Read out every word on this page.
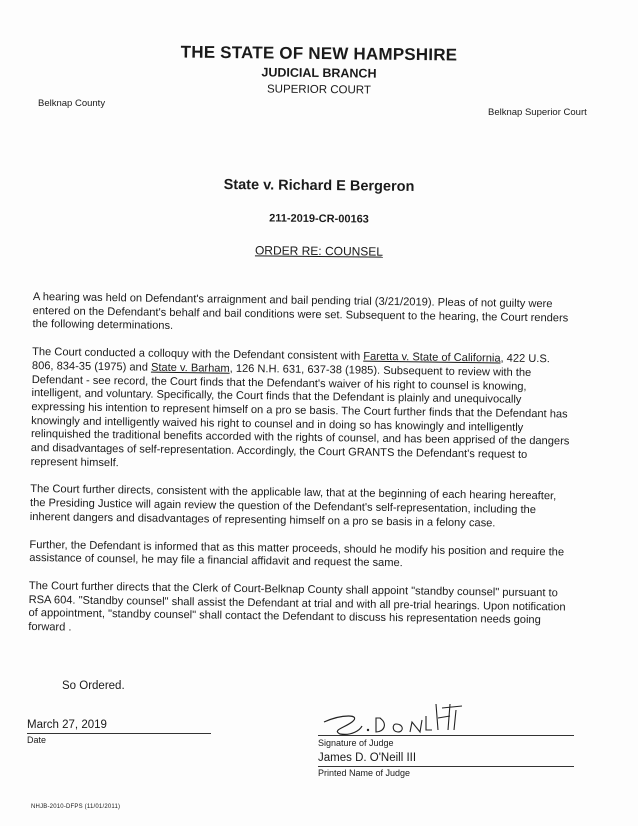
THE STATE OF NEW HAMPSHIRE
JUDICIAL BRANCH
SUPERIOR COURT
Belknap County
Belknap Superior Court
State v. Richard E Bergeron
211-2019-CR-00163
ORDER RE: COUNSEL

A hearing was held on Defendant's arraignment and bail pending trial (3/21/2019). Pleas of not guilty were entered on the Defendant's behalf and bail conditions were set. Subsequent to the hearing, the Court renders the following determinations.

The Court conducted a colloquy with the Defendant consistent with Faretta v. State of California, 422 U.S. 806, 834-35 (1975) and State v. Barham, 126 N.H. 631, 637-38 (1985). Subsequent to review with the Defendant - see record, the Court finds that the Defendant's waiver of his right to counsel is knowing, intelligent, and voluntary. Specifically, the Court finds that the Defendant is plainly and unequivocally expressing his intention to represent himself on a pro se basis. The Court further finds that the Defendant has knowingly and intelligently waived his right to counsel and in doing so has knowingly and intelligently relinquished the traditional benefits accorded with the rights of counsel, and has been apprised of the dangers and disadvantages of self-representation. Accordingly, the Court GRANTS the Defendant's request to represent himself.

The Court further directs, consistent with the applicable law, that at the beginning of each hearing hereafter, the Presiding Justice will again review the question of the Defendant's self-representation, including the inherent dangers and disadvantages of representing himself on a pro se basis in a felony case.

Further, the Defendant is informed that as this matter proceeds, should he modify his position and require the assistance of counsel, he may file a financial affidavit and request the same.

The Court further directs that the Clerk of Court-Belknap County shall appoint "standby counsel" pursuant to RSA 604. "Standby counsel" shall assist the Defendant at trial and with all pre-trial hearings. Upon notification of appointment, "standby counsel" shall contact the Defendant to discuss his representation needs going forward .

So Ordered.
March 27, 2019
Date	Signature of Judge
James D. O'Neill III
Printed Name of Judge
NHJB-2010-DFPS (11/01/2011)
